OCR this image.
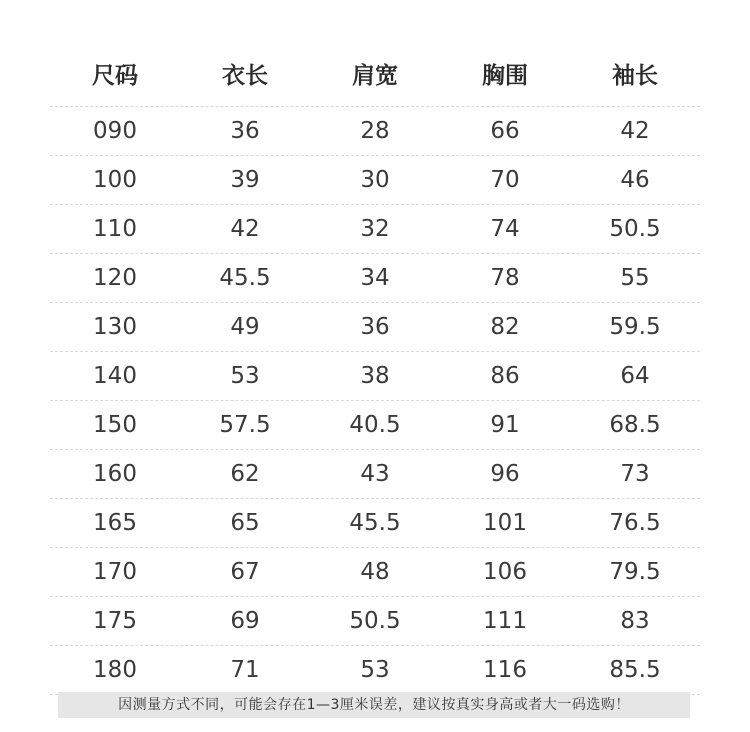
尺码	衣长	肩宽	胸围	袖长
090	36	28	66	42
100	39	30	70	46
110	42	32	74	50.5
120	45.5	34	78	55
130	49	36	82	59.5
140	53	38	86	64
150	57.5	40.5	91	68.5
160	62	43	96	73
165	65	45.5	101	76.5
170	67	48	106	79.5
175	69	50.5	111	83
180	71	53	116	85.5
因测量方式不同，可能会存在1—3厘米误差，建议按真实身高或者大一码选购！
